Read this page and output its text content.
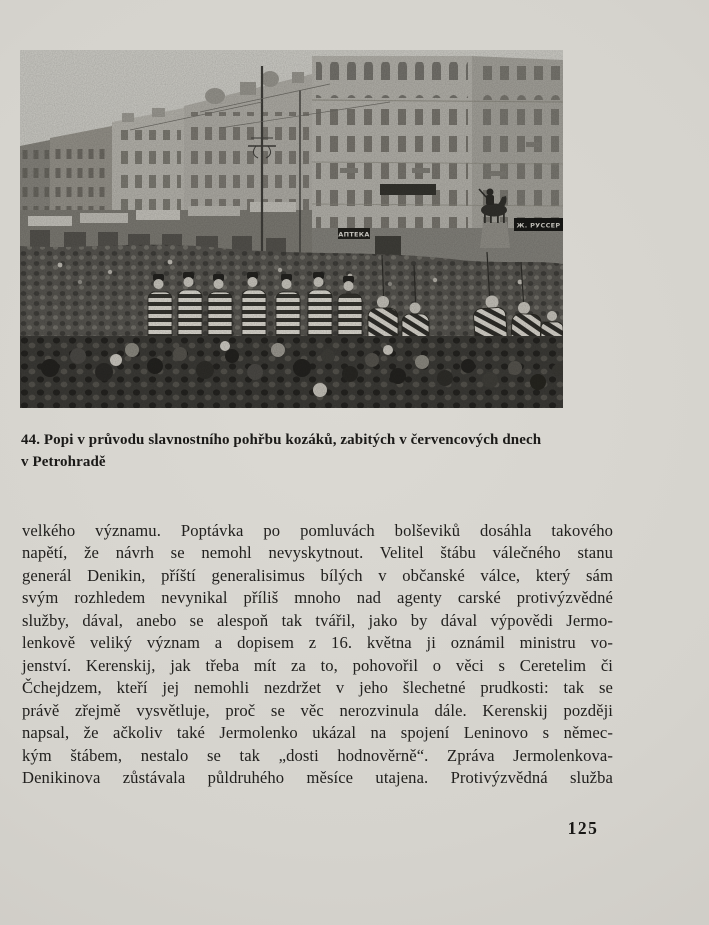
АПТЕКА
Ж. РУССЕР

44. Popi v průvodu slavnostního pohřbu kozáků, zabitých v červencových dnech
v Petrohradě

velkého významu. Poptávka po pomluvách bolševiků dosáhla takového
napětí, že návrh se nemohl nevyskytnout. Velitel štábu válečného stanu
generál Denikin, příští generalisimus bílých v občanské válce, který sám
svým rozhledem nevynikal příliš mnoho nad agenty carské protivýzvědné
služby, dával, anebo se alespoň tak tvářil, jako by dával výpovědi Jermo-
lenkově veliký význam a dopisem z 16. května ji oznámil ministru vo-
jenství. Kerenskij, jak třeba mít za to, pohovořil o věci s Ceretelim či
Čchejdzem, kteří jej nemohli nezdržet v jeho šlechetné prudkosti: tak se
právě zřejmě vysvětluje, proč se věc nerozvinula dále. Kerenskij později
napsal, že ačkoliv také Jermolenko ukázal na spojení Leninovo s němec-
kým štábem, nestalo se tak „dosti hodnověrně“. Zpráva Jermolenkova-
Denikinova zůstávala půldruhého měsíce utajena. Protivýzvědná služba
125
